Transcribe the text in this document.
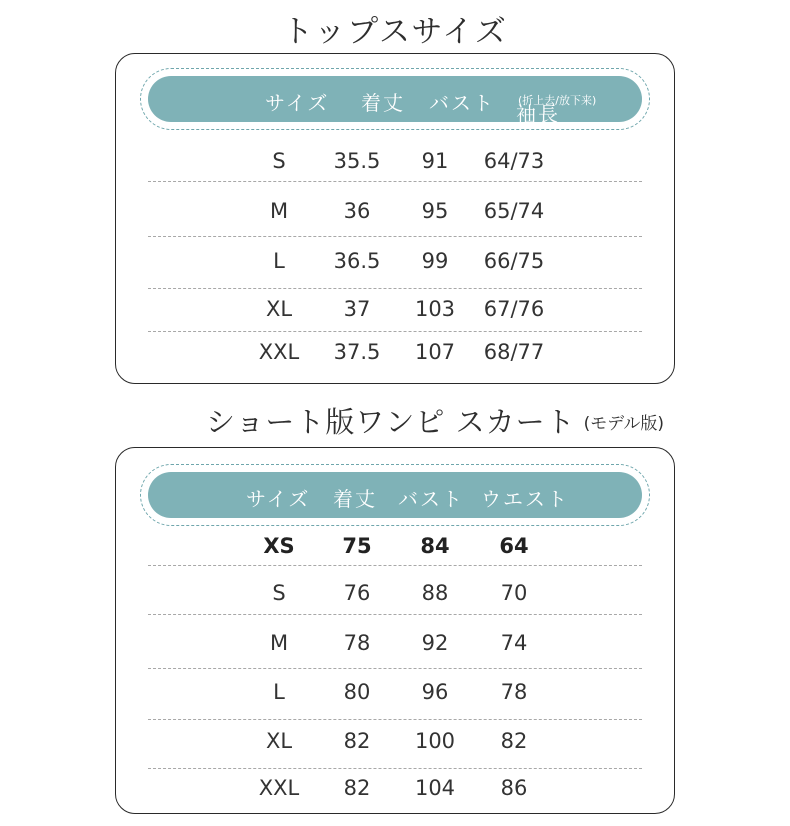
トップスサイズ
サイズ 着丈 バスト 袖長
(折上去/放下来)
S 35.5 91 64/73
M	36 95 65/74
L 36.5 99 66/75
XL 37 103 67/76
XXL 37.5 107 68/77
ショート版ワンピ スカート (モデル版)
サイズ 着丈 バスト ウエスト
XS 75 84 64
S	76 88 70
M	78 92 74
L	80 96 78
XL 82 100 82
XXL 82 104 86
